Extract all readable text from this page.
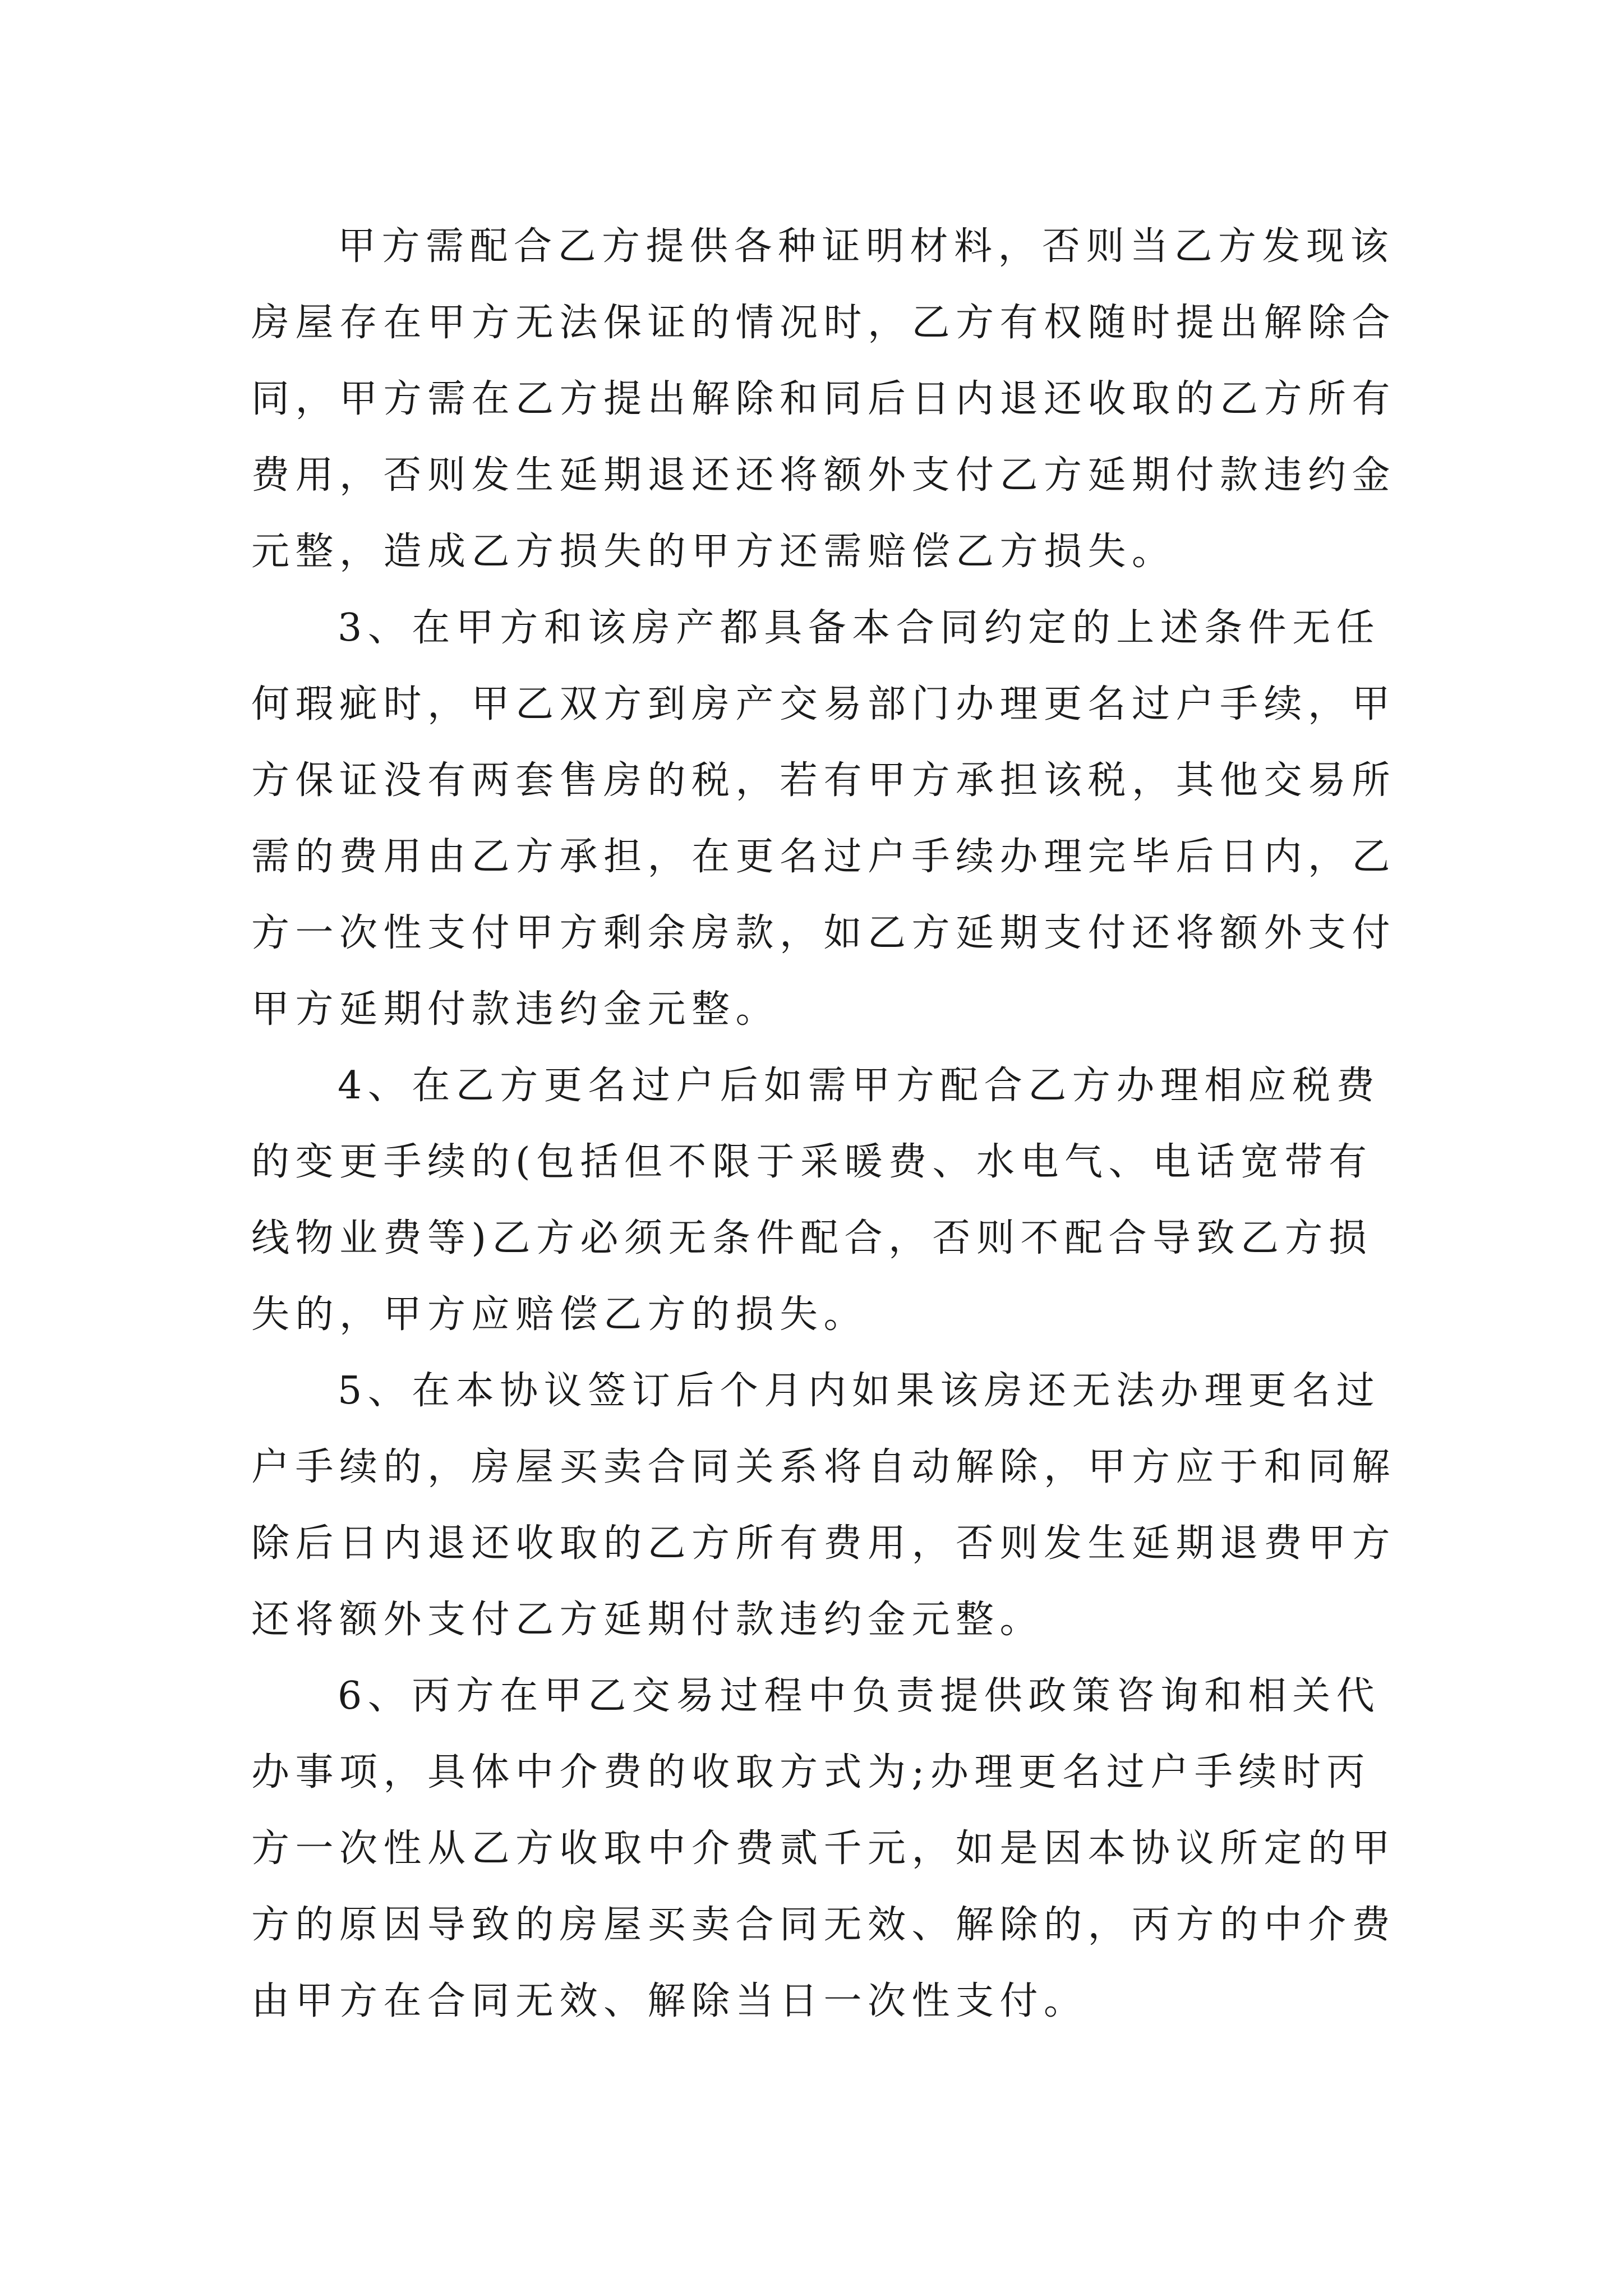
甲方需配合乙方提供各种证明材料，否则当乙方发现该
房屋存在甲方无法保证的情况时，乙方有权随时提出解除合
同，甲方需在乙方提出解除和同后日内退还收取的乙方所有
费用，否则发生延期退还还将额外支付乙方延期付款违约金
元整，造成乙方损失的甲方还需赔偿乙方损失。
3、在甲方和该房产都具备本合同约定的上述条件无任
何瑕疵时，甲乙双方到房产交易部门办理更名过户手续，甲
方保证没有两套售房的税，若有甲方承担该税，其他交易所
需的费用由乙方承担，在更名过户手续办理完毕后日内，乙
方一次性支付甲方剩余房款，如乙方延期支付还将额外支付
甲方延期付款违约金元整。
4、在乙方更名过户后如需甲方配合乙方办理相应税费
的变更手续的(包括但不限于采暖费、水电气、电话宽带有
线物业费等)乙方必须无条件配合，否则不配合导致乙方损
失的，甲方应赔偿乙方的损失。
5、在本协议签订后个月内如果该房还无法办理更名过
户手续的，房屋买卖合同关系将自动解除，甲方应于和同解
除后日内退还收取的乙方所有费用，否则发生延期退费甲方
还将额外支付乙方延期付款违约金元整。
6、丙方在甲乙交易过程中负责提供政策咨询和相关代
办事项，具体中介费的收取方式为;办理更名过户手续时丙
方一次性从乙方收取中介费贰千元，如是因本协议所定的甲
方的原因导致的房屋买卖合同无效、解除的，丙方的中介费
由甲方在合同无效、解除当日一次性支付。
